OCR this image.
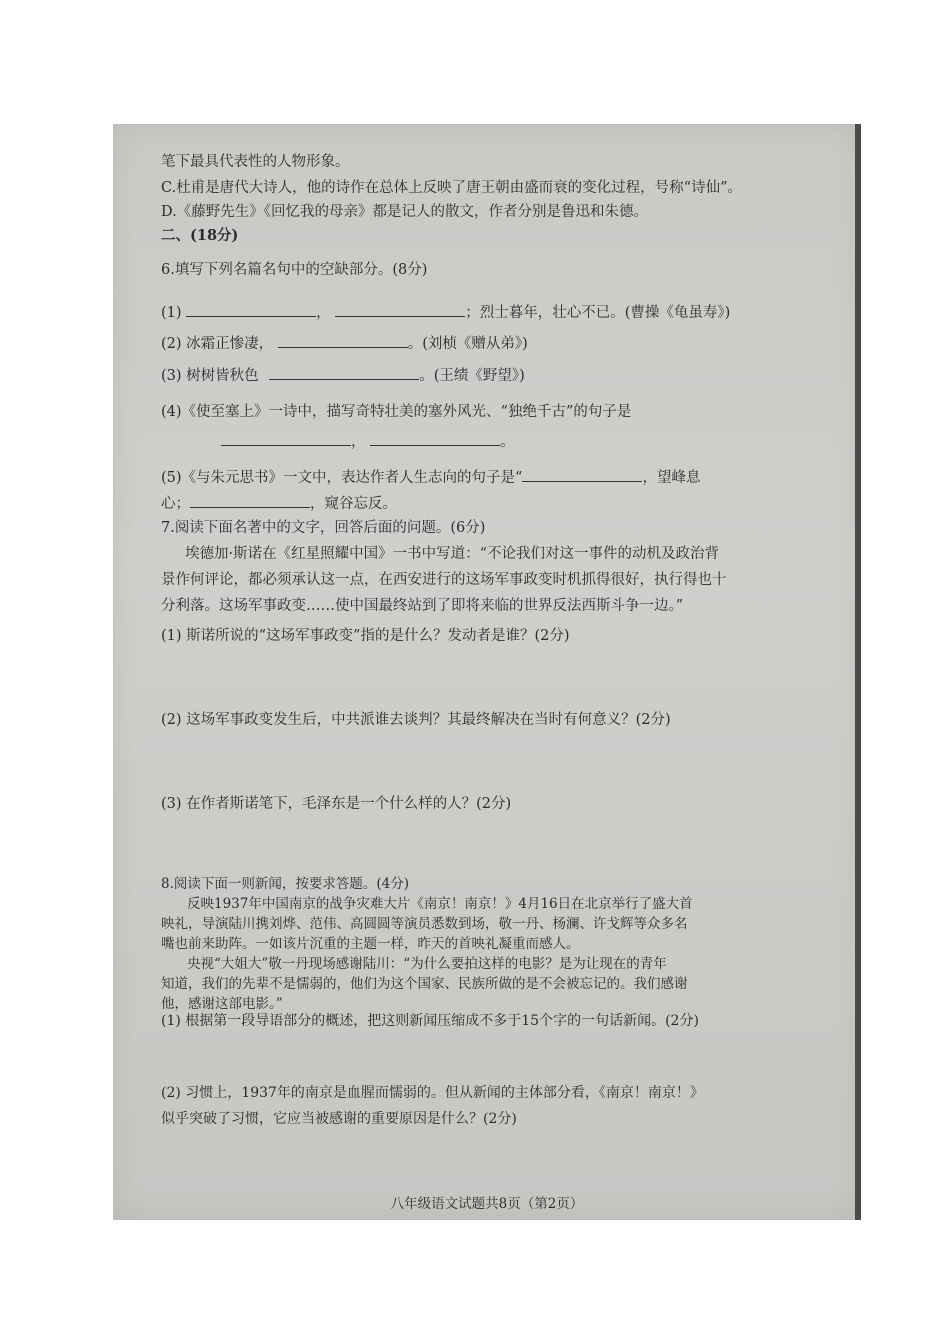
笔下最具代表性的人物形象。
C.杜甫是唐代大诗人，他的诗作在总体上反映了唐王朝由盛而衰的变化过程，号称“诗仙”。
D.《藤野先生》《回忆我的母亲》都是记人的散文，作者分别是鲁迅和朱德。
二、(18分)
6.填写下列名篇名句中的空缺部分。(8分)
(1)	，	；烈士暮年，壮心不已。(曹操《龟虽寿》)
(2) 冰霜正惨凄，	。(刘桢《赠从弟》)
(3) 树树皆秋色	。(王绩《野望》)
(4)《使至塞上》一诗中，描写奇特壮美的塞外风光、“独绝千古”的句子是
，	。
(5)《与朱元思书》一文中，表达作者人生志向的句子是“	，望峰息
心；	，窥谷忘反。
7.阅读下面名著中的文字，回答后面的问题。(6分)
埃德加·斯诺在《红星照耀中国》一书中写道：“不论我们对这一事件的动机及政治背
景作何评论，都必须承认这一点，在西安进行的这场军事政变时机抓得很好，执行得也十
分利落。这场军事政变……使中国最终站到了即将来临的世界反法西斯斗争一边。”
(1) 斯诺所说的“这场军事政变”指的是什么？发动者是谁？(2分)
(2) 这场军事政变发生后，中共派谁去谈判？其最终解决在当时有何意义？(2分)
(3) 在作者斯诺笔下，毛泽东是一个什么样的人？(2分)
8.阅读下面一则新闻，按要求答题。(4分)
反映1937年中国南京的战争灾难大片《南京！南京！》4月16日在北京举行了盛大首
映礼，导演陆川携刘烨、范伟、高圆圆等演员悉数到场，敬一丹、杨澜、许戈辉等众多名
嘴也前来助阵。一如该片沉重的主题一样，昨天的首映礼凝重而感人。
央视“大姐大”敬一丹现场感谢陆川：“为什么要拍这样的电影？是为让现在的青年
知道，我们的先辈不是懦弱的，他们为这个国家、民族所做的是不会被忘记的。我们感谢
他，感谢这部电影。”
(1) 根据第一段导语部分的概述，把这则新闻压缩成不多于15个字的一句话新闻。(2分)
(2) 习惯上，1937年的南京是血腥而懦弱的。但从新闻的主体部分看，《南京！南京！》
似乎突破了习惯，它应当被感谢的重要原因是什么？(2分)
八年级语文试题共8页（第2页）
